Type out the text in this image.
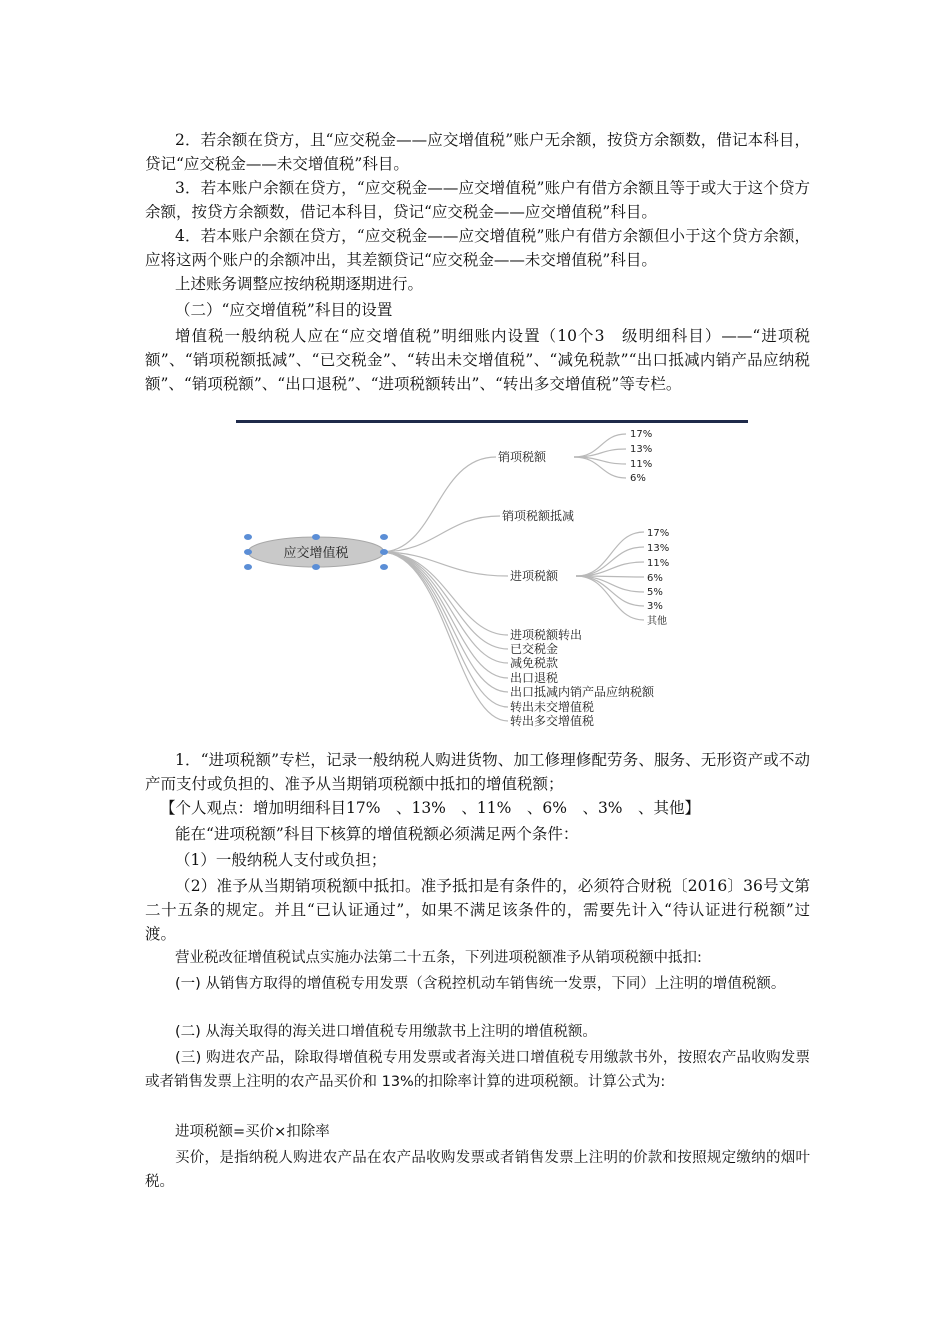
2．若余额在贷方，且“应交税金——应交增值税”账户无余额，按贷方余额数，借记本科目，贷记“应交税金——未交增值税”科目。

3．若本账户余额在贷方，“应交税金——应交增值税”账户有借方余额且等于或大于这个贷方余额，按贷方余额数，借记本科目，贷记“应交税金——应交增值税”科目。

4．若本账户余额在贷方，“应交税金——应交增值税”账户有借方余额但小于这个贷方余额，应将这两个账户的余额冲出，其差额贷记“应交税金——未交增值税”科目。

上述账务调整应按纳税期逐期进行。

（二）“应交增值税”科目的设置

增值税一般纳税人应在“应交增值税”明细账内设置（10个3　级明细科目）——“进项税额”、“销项税额抵减”、“已交税金”、“转出未交增值税”、“减免税款”“出口抵减内销产品应纳税额”、“销项税额”、“出口退税”、“进项税额转出”、“转出多交增值税”等专栏。

应交增值税
销项税额
17%
13%
11%
6%
销项税额抵减
进项税额
17%
13%
11%
6%
5%
3%
其他
进项税额转出
已交税金
减免税款
出口退税
出口抵减内销产品应纳税额
转出未交增值税
转出多交增值税

1．“进项税额”专栏，记录一般纳税人购进货物、加工修理修配劳务、服务、无形资产或不动产而支付或负担的、准予从当期销项税额中抵扣的增值税额；

【个人观点：增加明细科目17%　、13%　、11%　、6%　、3%　、其他】

能在“进项税额”科目下核算的增值税额必须满足两个条件：

（1）一般纳税人支付或负担；

（2）准予从当期销项税额中抵扣。准予抵扣是有条件的，必须符合财税〔2016〕36号文第二十五条的规定。并且“已认证通过”，如果不满足该条件的，需要先计入“待认证进行税额”过渡。

营业税改征增值税试点实施办法第二十五条，下列进项税额准予从销项税额中抵扣:

(一) 从销售方取得的增值税专用发票（含税控机动车销售统一发票，下同）上注明的增值税额。

(二) 从海关取得的海关进口增值税专用缴款书上注明的增值税额。

(三) 购进农产品，除取得增值税专用发票或者海关进口增值税专用缴款书外，按照农产品收购发票或者销售发票上注明的农产品买价和 13%的扣除率计算的进项税额。计算公式为:

进项税额=买价×扣除率

买价，是指纳税人购进农产品在农产品收购发票或者销售发票上注明的价款和按照规定缴纳的烟叶税。
